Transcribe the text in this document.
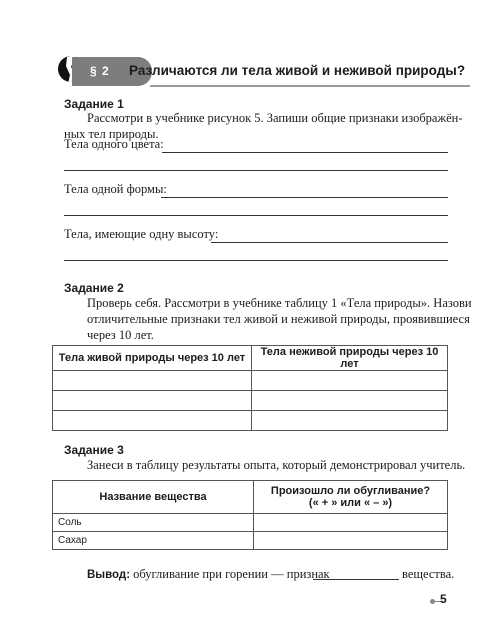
§ 2	Различаются ли тела живой и неживой природы?
Задание 1
Рассмотри в учебнике рисунок 5. Запиши общие признаки изображён-
ных тел природы.
Тела одного цвета:
Тела одной формы:
Тела, имеющие одну высоту:
Задание 2
Проверь себя. Рассмотри в учебнике таблицу 1 «Тела природы». Назови
отличительные признаки тел живой и неживой природы, проявившиеся
через 10 лет.
Тела живой природы через 10 лет	Тела неживой природы через 10 лет

Задание 3
Занеси в таблицу результаты опыта, который демонстрировал учитель.
Название вещества	Произошло ли обугливание?
(« + » или « – »)

Соль	
Сахар	
Вывод: обугливание при горении — признак	вещества.
5
